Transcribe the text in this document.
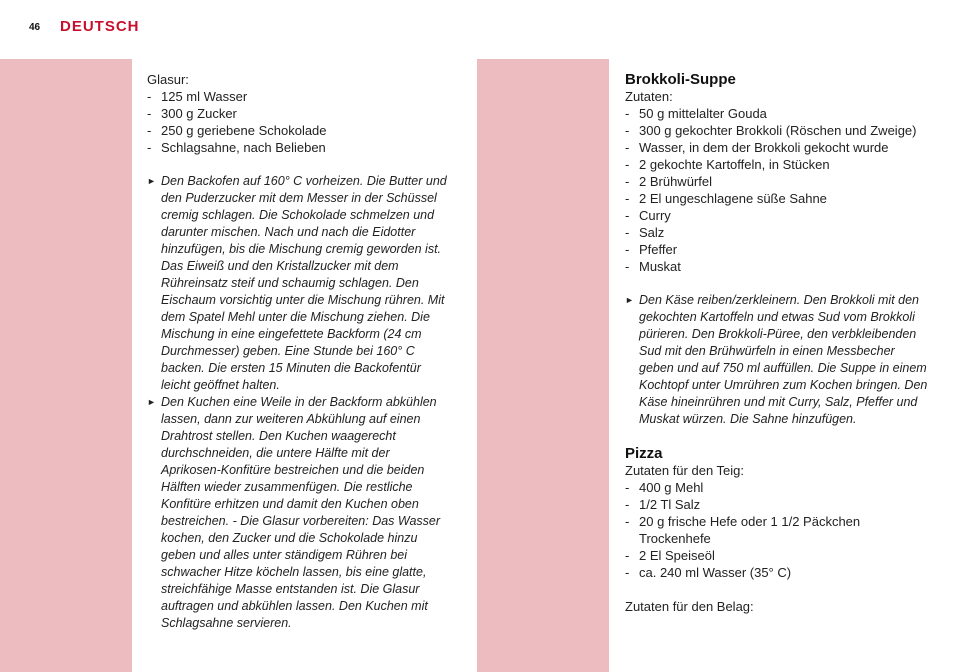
46 DEUTSCH

Glasur:

- 125 ml Wasser
- 300 g Zucker
- 250 g geriebene Schokolade
- Schlagsahne, nach Belieben
► Den Backofen auf 160° C vorheizen. Die Butter und den Puderzucker mit dem Messer in der Schüssel cremig schlagen. Die Schokolade schmelzen und darunter mischen. Nach und nach die Eidotter hinzufügen, bis die Mischung cremig geworden ist. Das Eiweiß und den Kristallzucker mit dem Rühreinsatz steif und schaumig schlagen. Den Eischaum vorsichtig unter die Mischung rühren. Mit dem Spatel Mehl unter die Mischung ziehen. Die Mischung in eine eingefettete Backform (24 cm Durchmesser) geben. Eine Stunde bei 160° C backen. Die ersten 15 Minuten die Backofentür leicht geöffnet halten.
► Den Kuchen eine Weile in der Backform abkühlen lassen, dann zur weiteren Abkühlung auf einen Drahtrost stellen. Den Kuchen waagerecht durchschneiden, die untere Hälfte mit der Aprikosen-Konfitüre bestreichen und die beiden Hälften wieder zusammenfügen. Die restliche Konfitüre erhitzen und damit den Kuchen oben bestreichen. - Die Glasur vorbereiten: Das Wasser kochen, den Zucker und die Schokolade hinzu geben und alles unter ständigem Rühren bei schwacher Hitze köcheln lassen, bis eine glatte, streichfähige Masse entstanden ist. Die Glasur auftragen und abkühlen lassen. Den Kuchen mit Schlagsahne servieren.
Brokkoli-Suppe

Zutaten:

- 50 g mittelalter Gouda
- 300 g gekochter Brokkoli (Röschen und Zweige)
- Wasser, in dem der Brokkoli gekocht wurde
- 2 gekochte Kartoffeln, in Stücken
- 2 Brühwürfel
- 2 El ungeschlagene süße Sahne
- Curry
- Salz
- Pfeffer
- Muskat
► Den Käse reiben/zerkleinern. Den Brokkoli mit den gekochten Kartoffeln und etwas Sud vom Brokkoli pürieren. Den Brokkoli-Püree, den verbkleibenden Sud mit den Brühwürfeln in einen Messbecher geben und auf 750 ml auffüllen. Die Suppe in einem Kochtopf unter Umrühren zum Kochen bringen. Den Käse hineinrühren und mit Curry, Salz, Pfeffer und Muskat würzen. Die Sahne hinzufügen.
Pizza

Zutaten für den Teig:

- 400 g Mehl
- 1/2 Tl Salz
- 20 g frische Hefe oder 1 1/2 Päckchen Trockenhefe
- 2 El Speiseöl
- ca. 240 ml Wasser (35° C)

Zutaten für den Belag:
